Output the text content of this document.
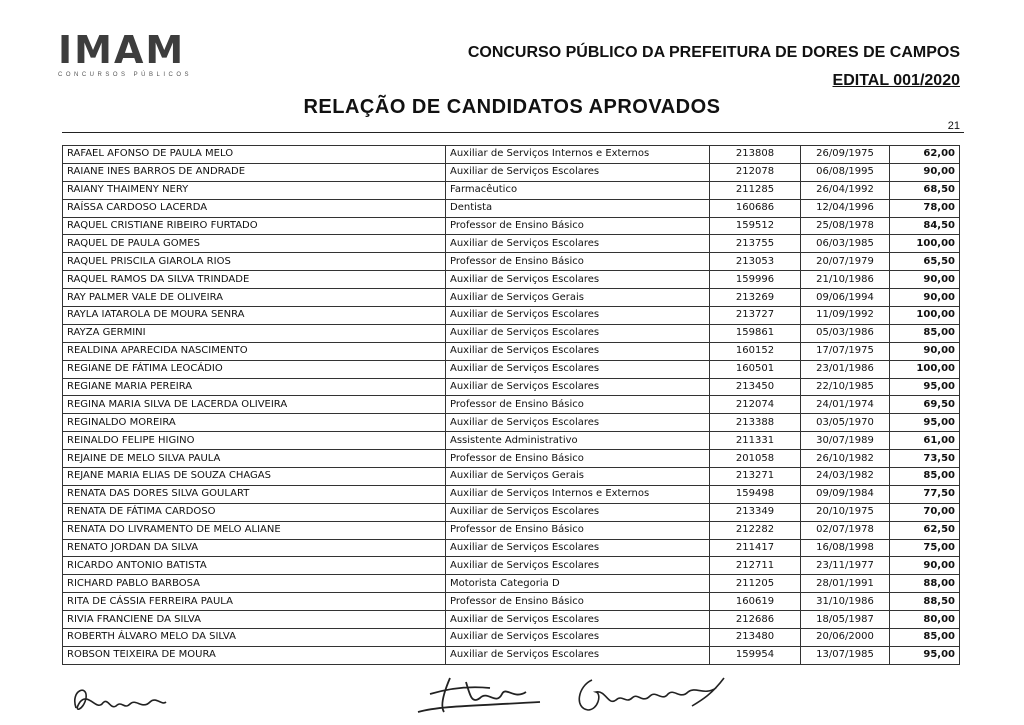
IMAM
CONCURSOS PÚBLICOS
CONCURSO PÚBLICO DA PREFEITURA DE DORES DE CAMPOS
EDITAL 001/2020
RELAÇÃO DE CANDIDATOS APROVADOS
21
RAFAEL AFONSO DE PAULA MELO	Auxiliar de Serviços Internos e Externos	213808	26/09/1975	62,00
RAIANE INES BARROS DE ANDRADE	Auxiliar de Serviços Escolares	212078	06/08/1995	90,00
RAIANY THAIMENY NERY	Farmacêutico	211285	26/04/1992	68,50
RAÍSSA CARDOSO LACERDA	Dentista	160686	12/04/1996	78,00
RAQUEL CRISTIANE RIBEIRO FURTADO	Professor de Ensino Básico	159512	25/08/1978	84,50
RAQUEL DE PAULA GOMES	Auxiliar de Serviços Escolares	213755	06/03/1985	100,00
RAQUEL PRISCILA GIAROLA RIOS	Professor de Ensino Básico	213053	20/07/1979	65,50
RAQUEL RAMOS DA SILVA TRINDADE	Auxiliar de Serviços Escolares	159996	21/10/1986	90,00
RAY PALMER VALE DE OLIVEIRA	Auxiliar de Serviços Gerais	213269	09/06/1994	90,00
RAYLA IATAROLA DE MOURA SENRA	Auxiliar de Serviços Escolares	213727	11/09/1992	100,00
RAYZA GERMINI	Auxiliar de Serviços Escolares	159861	05/03/1986	85,00
REALDINA APARECIDA NASCIMENTO	Auxiliar de Serviços Escolares	160152	17/07/1975	90,00
REGIANE DE FÁTIMA LEOCÁDIO	Auxiliar de Serviços Escolares	160501	23/01/1986	100,00
REGIANE MARIA PEREIRA	Auxiliar de Serviços Escolares	213450	22/10/1985	95,00
REGINA MARIA SILVA DE LACERDA OLIVEIRA	Professor de Ensino Básico	212074	24/01/1974	69,50
REGINALDO MOREIRA	Auxiliar de Serviços Escolares	213388	03/05/1970	95,00
REINALDO FELIPE HIGINO	Assistente Administrativo	211331	30/07/1989	61,00
REJAINE DE MELO SILVA PAULA	Professor de Ensino Básico	201058	26/10/1982	73,50
REJANE MARIA ELIAS DE SOUZA CHAGAS	Auxiliar de Serviços Gerais	213271	24/03/1982	85,00
RENATA DAS DORES SILVA GOULART	Auxiliar de Serviços Internos e Externos	159498	09/09/1984	77,50
RENATA DE FÁTIMA CARDOSO	Auxiliar de Serviços Escolares	213349	20/10/1975	70,00
RENATA DO LIVRAMENTO DE MELO ALIANE	Professor de Ensino Básico	212282	02/07/1978	62,50
RENATO JORDAN DA SILVA	Auxiliar de Serviços Escolares	211417	16/08/1998	75,00
RICARDO ANTONIO BATISTA	Auxiliar de Serviços Escolares	212711	23/11/1977	90,00
RICHARD PABLO BARBOSA	Motorista Categoria D	211205	28/01/1991	88,00
RITA DE CÁSSIA FERREIRA PAULA	Professor de Ensino Básico	160619	31/10/1986	88,50
RIVIA FRANCIENE DA SILVA	Auxiliar de Serviços Escolares	212686	18/05/1987	80,00
ROBERTH ÁLVARO MELO DA SILVA	Auxiliar de Serviços Escolares	213480	20/06/2000	85,00
ROBSON TEIXEIRA DE MOURA	Auxiliar de Serviços Escolares	159954	13/07/1985	95,00
